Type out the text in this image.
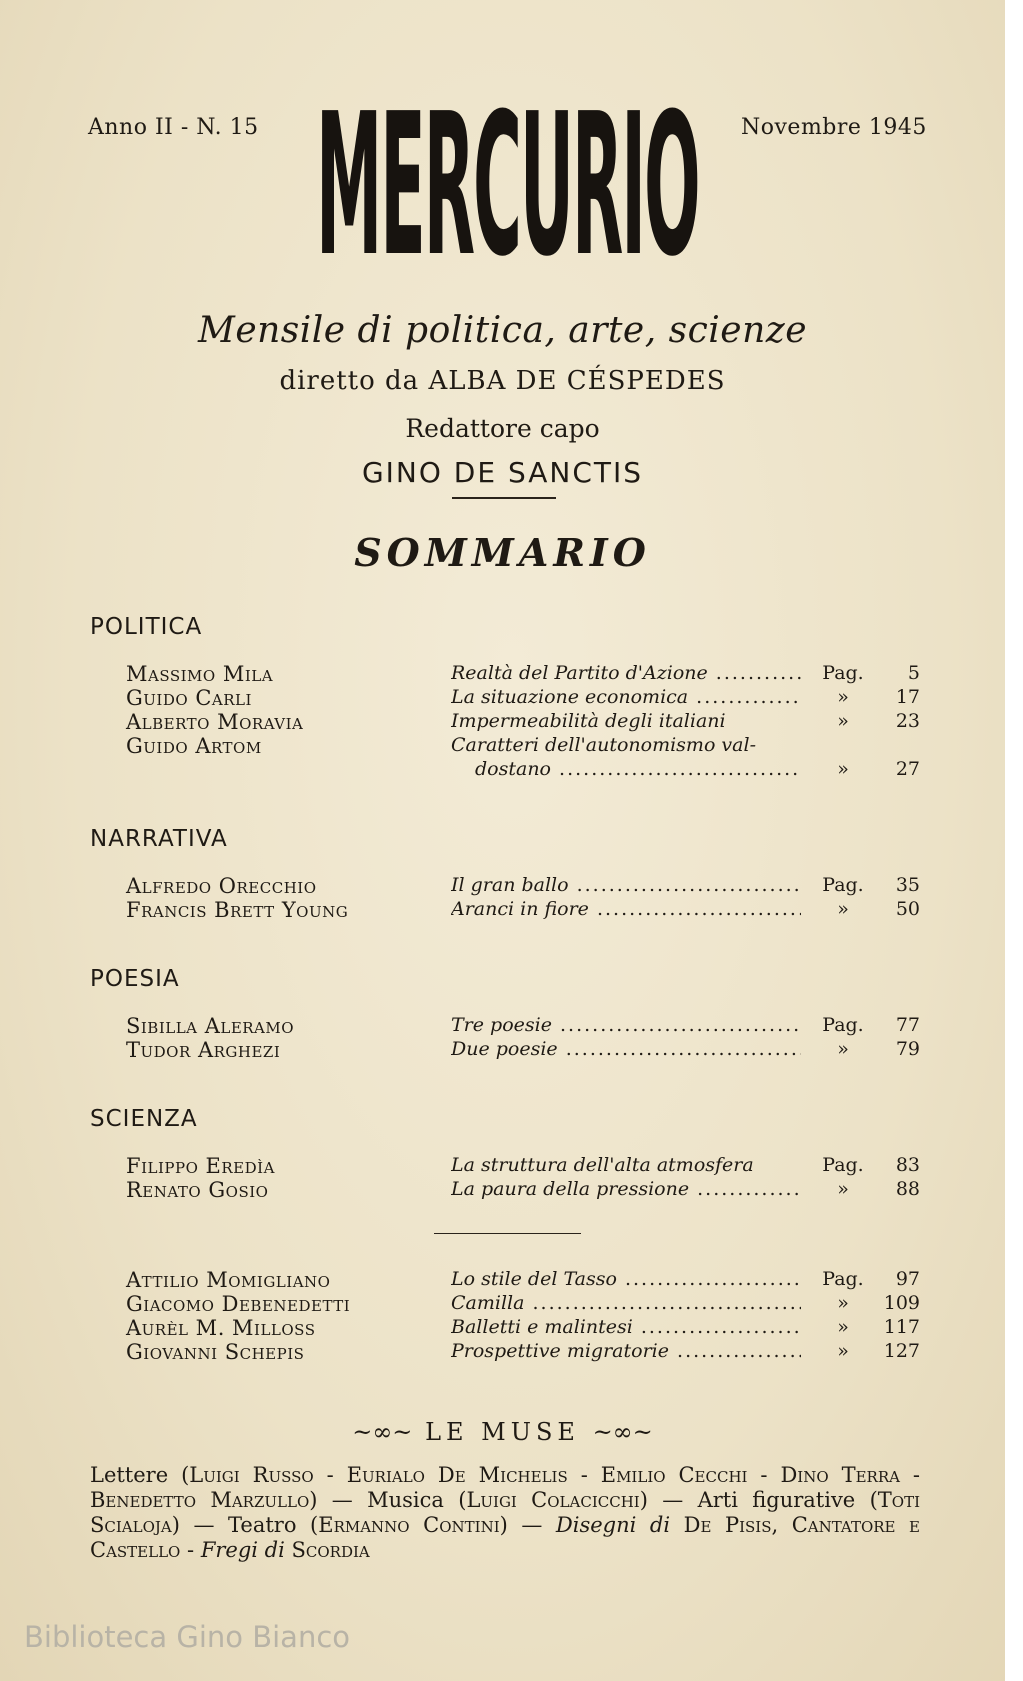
Anno II - N. 15 MERCURIO Novembre 1945
Mensile di politica, arte, scienze
diretto da ALBA DE CÉSPEDES
Redattore capo
GINO DE SANCTIS
SOMMARIO
POLITICA
Massimo Mila	Realtà del Partito d'Azione .....	Pag.	5
Guido Carli	La situazione economica .....	»	17
Alberto Moravia	Impermeabilità degli italiani	»	23
Guido Artom	Caratteri dell'autonomismo val-
dostano .....	»	27
NARRATIVA
Alfredo Orecchio	Il gran ballo .....	Pag.	35
Francis Brett Young	Aranci in fiore .....	»	50
POESIA
Sibilla Aleramo	Tre poesie .....	Pag.	77
Tudor Arghezi	Due poesie .....	»	79
SCIENZA
Filippo Eredìa	La struttura dell'alta atmosfera	Pag.	83
Renato Gosio	La paura della pressione .....	»	88
Attilio Momigliano	Lo stile del Tasso .....	Pag.	97
Giacomo Debenedetti	Camilla .....	»	109
Aurèl M. Milloss	Balletti e malintesi .....	»	117
Giovanni Schepis	Prospettive migratorie .....	»	127
~∞~ LE MUSE ~∞~
Lettere (Luigi Russo - Eurialo De Michelis - Emilio Cecchi - Dino Terra - Benedetto Marzullo) — Musica (Luigi Colacicchi) — Arti figurative (Toti Scialoja) — Teatro (Ermanno Contini) — Disegni di De Pisis, Cantatore e Castello - Fregi di Scordia
Biblioteca Gino Bianco
